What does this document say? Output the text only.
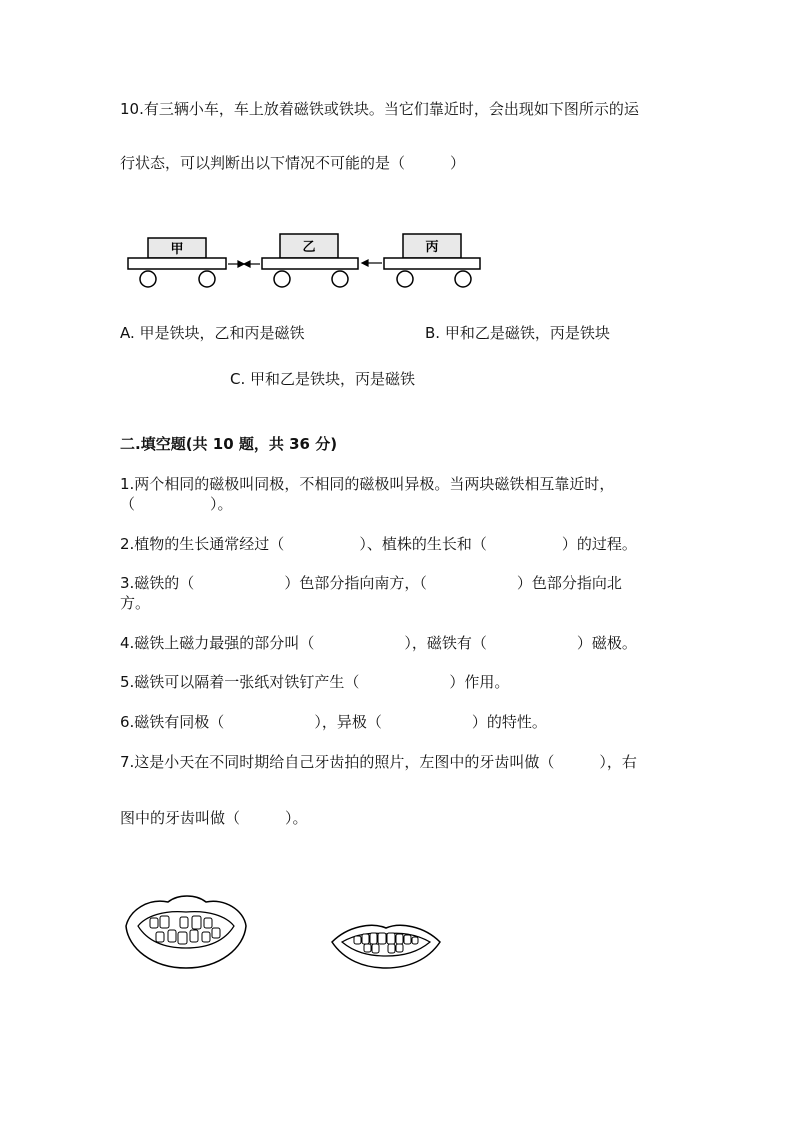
10.有三辆小车，车上放着磁铁或铁块。当它们靠近时，会出现如下图所示的运
行状态，可以判断出以下情况不可能的是（　　　）
甲	乙	丙
A. 甲是铁块，乙和丙是磁铁	B. 甲和乙是磁铁，丙是铁块
C. 甲和乙是铁块，丙是磁铁
二.填空题(共 10 题，共 36 分)
1.两个相同的磁极叫同极，不相同的磁极叫异极。当两块磁铁相互靠近时，
（　　　　　）。
2.植物的生长通常经过（　　　　　）、植株的生长和（　　　　　）的过程。
3.磁铁的（　　　　　　）色部分指向南方，（　　　　　　）色部分指向北
方。
4.磁铁上磁力最强的部分叫（　　　　　　），磁铁有（　　　　　　）磁极。
5.磁铁可以隔着一张纸对铁钉产生（　　　　　　）作用。
6.磁铁有同极（　　　　　　），异极（　　　　　　）的特性。
7.这是小天在不同时期给自己牙齿拍的照片，左图中的牙齿叫做（　　　），右
图中的牙齿叫做（　　　）。
